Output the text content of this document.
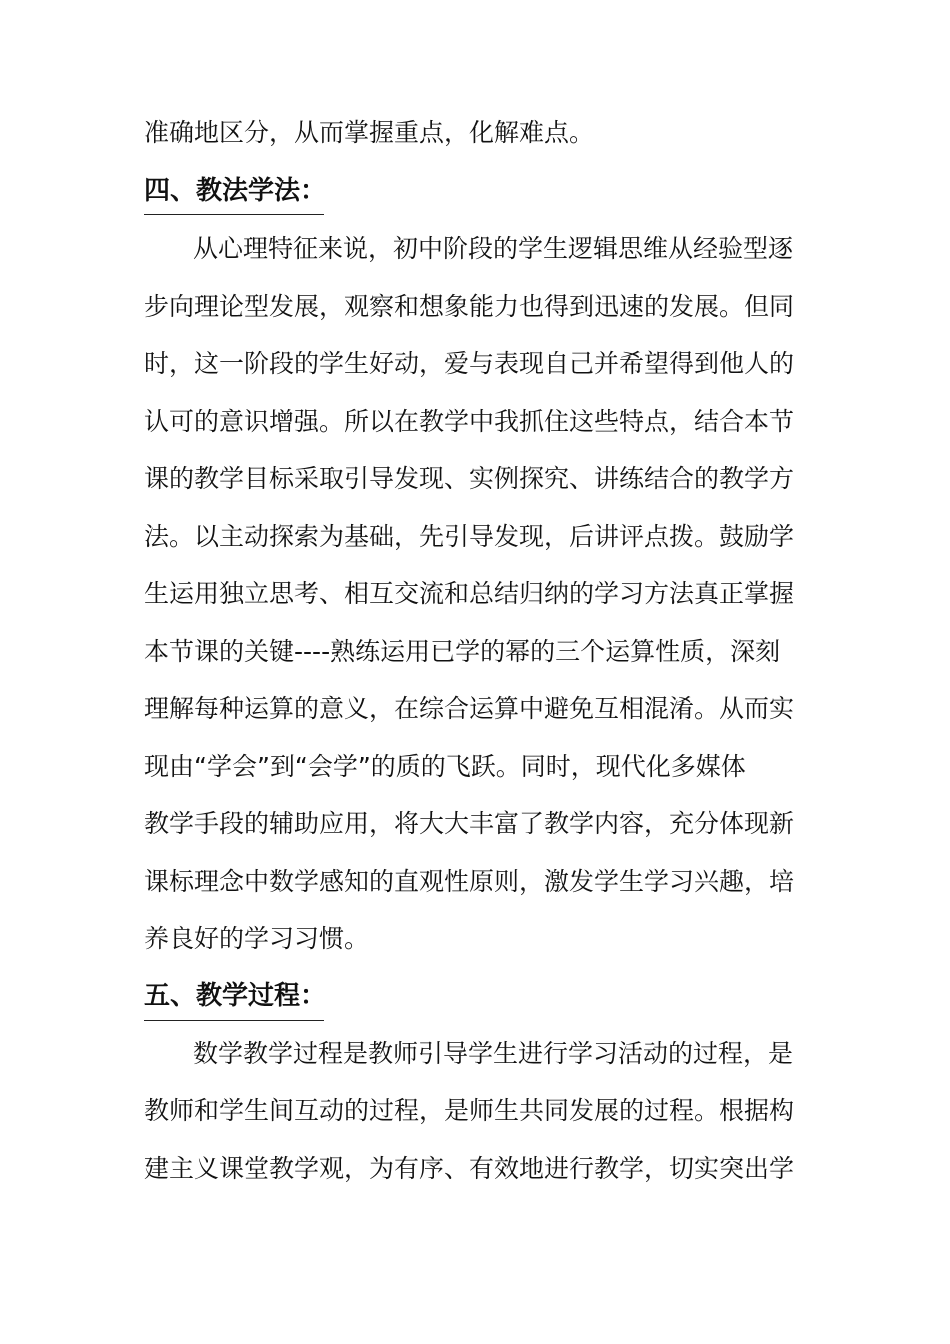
准确地区分，从而掌握重点，化解难点。
四、教法学法：
从心理特征来说，初中阶段的学生逻辑思维从经验型逐
步向理论型发展，观察和想象能力也得到迅速的发展。但同
时，这一阶段的学生好动，爱与表现自己并希望得到他人的
认可的意识增强。所以在教学中我抓住这些特点，结合本节
课的教学目标采取引导发现、实例探究、讲练结合的教学方
法。以主动探索为基础，先引导发现，后讲评点拨。鼓励学
生运用独立思考、相互交流和总结归纳的学习方法真正掌握
本节课的关键----熟练运用已学的幂的三个运算性质，深刻
理解每种运算的意义，在综合运算中避免互相混淆。从而实
现由“学会”到“会学”的质的飞跃。同时，现代化多媒体
教学手段的辅助应用，将大大丰富了教学内容，充分体现新
课标理念中数学感知的直观性原则，激发学生学习兴趣，培
养良好的学习习惯。
五、教学过程：
数学教学过程是教师引导学生进行学习活动的过程，是
教师和学生间互动的过程，是师生共同发展的过程。根据构
建主义课堂教学观，为有序、有效地进行教学，切实突出学
